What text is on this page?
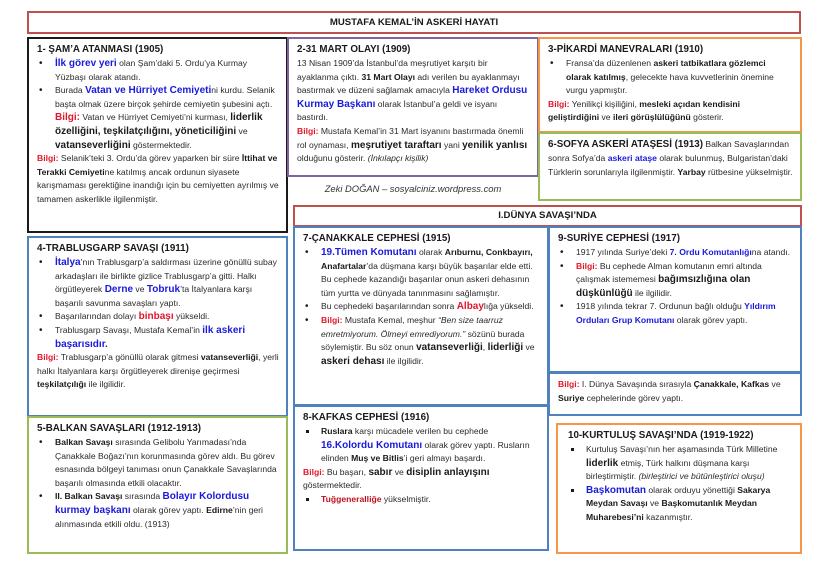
MUSTAFA KEMAL’İN ASKERİ HAYATI
1- ŞAM’A ATANMASI (1905)
• İlk görev yeri olan Şam’daki 5. Ordu’ya Kurmay Yüzbaşı olarak atandı.
• Burada Vatan ve Hürriyet Cemiyetini kurdu. Selanik başta olmak üzere birçok şehirde cemiyetin şubesini açtı. Bilgi: Vatan ve Hürriyet Cemiyeti’ni kurması, liderlik özelliğini, teşkilatçılığını, yöneticiliğini ve vatanseverliğini göstermektedir.
Bilgi: Selanik’teki 3. Ordu’da görev yaparken bir süre İttihat ve Terakki Cemiyetine katılmış ancak ordunun siyasete karışmaması gerektiğine inandığı için bu cemiyetten ayrılmış ve tamamen askerlikle ilgilenmiştir.
2-31 MART OLAYI (1909)
13 Nisan 1909’da İstanbul’da meşrutiyet karşıtı bir ayaklanma çıktı. 31 Mart Olayı adı verilen bu ayaklanmayı bastırmak ve düzeni sağlamak amacıyla Hareket Ordusu Kurmay Başkanı olarak İstanbul’a geldi ve isyanı bastırdı.
Bilgi: Mustafa Kemal’in 31 Mart isyanını bastırmada önemli rol oynaması, meşrutiyet taraftarı yani yenilik yanlısı olduğunu gösterir. (İnkılapçı kişilik)
Zeki DOĞAN – sosyalciniz.wordpress.com
3-PİKARDİ MANEVRALARI (1910)
• Fransa’da düzenlenen askeri tatbikatlara gözlemci olarak katılmış, gelecekte hava kuvvetlerinin önemine vurgu yapmıştır.
Bilgi: Yenilikçi kişiliğini, mesleki açıdan kendisini geliştirdiğini ve ileri görüşlülüğünü gösterir.
6-SOFYA ASKERİ ATAŞESİ (1913) Balkan Savaşlarından sonra Sofya’da askeri ataşe olarak bulunmuş, Bulgaristan’daki Türklerin sorunlarıyla ilgilenmiştir. Yarbay rütbesine yükselmiştir.
I.DÜNYA SAVAŞI’NDA
7-ÇANAKKALE CEPHESİ (1915)
• 19.Tümen Komutanı olarak Arıburnu, Conkbayırı, Anafartalar’da düşmana karşı büyük başarılar elde etti. Bu cephede kazandığı başarılar onun askeri dehasının tüm yurtta ve dünyada tanınmasını sağlamıştır.
• Bu cephedeki başarılarından sonra Albaylığa yükseldi.
• Bilgi: Mustafa Kemal, meşhur “Ben size taarruz emretmiyorum. Ölmeyi emrediyorum.” sözünü burada söylemiştir. Bu söz onun vatanseverliği, liderliği ve askeri dehası ile ilgilidir.
8-KAFKAS CEPHESİ (1916)
Ruslara karşı mücadele verilen bu cephede 16.Kolordu Komutanı olarak görev yaptı. Rusların elinden Muş ve Bitlis’i geri almayı başardı.
Bilgi: Bu başarı, sabır ve disiplin anlayışını göstermektedir.
Tuğgeneralliğe yükselmiştir.
9-SURİYE CEPHESİ (1917)
• 1917 yılında Suriye’deki 7. Ordu Komutanlığına atandı.
• Bilgi: Bu cephede Alman komutanın emri altında çalışmak istememesi bağımsızlığına olan düşkünlüğü ile ilgilidir.
• 1918 yılında tekrar 7. Ordunun bağlı olduğu Yıldırım Orduları Grup Komutanı olarak görev yaptı.
Bilgi: I. Dünya Savaşında sırasıyla Çanakkale, Kafkas ve Suriye cephelerinde görev yaptı.
10-KURTULUŞ SAVAŞI’NDA (1919-1922)
Kurtuluş Savaşı’nın her aşamasında Türk Milletine liderlik etmiş, Türk halkını düşmana karşı birleştirmiştir. (birleştirici ve bütünleştirici oluşu)
Başkomutan olarak orduyu yönettiği Sakarya Meydan Savaşı ve Başkomutanlık Meydan Muharebesi’ni kazanmıştır.
4-TRABLUSGARP SAVAŞI (1911)
• İtalya’nın Trablusgarp’a saldırması üzerine gönüllü subay arkadaşları ile birlikte gizlice Trablusgarp’a gitti. Halkı örgütleyerek Derne ve Tobruk’ta İtalyanlara karşı başarılı savunma savaşları yaptı.
• Başarılarından dolayı binbaşı yükseldi.
• Trablusgarp Savaşı, Mustafa Kemal’in ilk askeri başarısıdır.
Bilgi: Trablusgarp’a gönüllü olarak gitmesi vatanseverliği, yerli halkı İtalyanlara karşı örgütleyerek direnişe geçirmesi teşkilatçılığı ile ilgilidir.
5-BALKAN SAVAŞLARI (1912-1913)
• Balkan Savaşı sırasında Gelibolu Yarımadası’nda Çanakkale Boğazı’nın korunmasında görev aldı. Bu görev esnasında bölgeyi tanıması onun Çanakkale Savaşlarında başarılı olmasında etkili olacaktır.
• II. Balkan Savaşı sırasında Bolayır Kolordusu kurmay başkanı olarak görev yaptı. Edirne’nin geri alınmasında etkili oldu. (1913)
